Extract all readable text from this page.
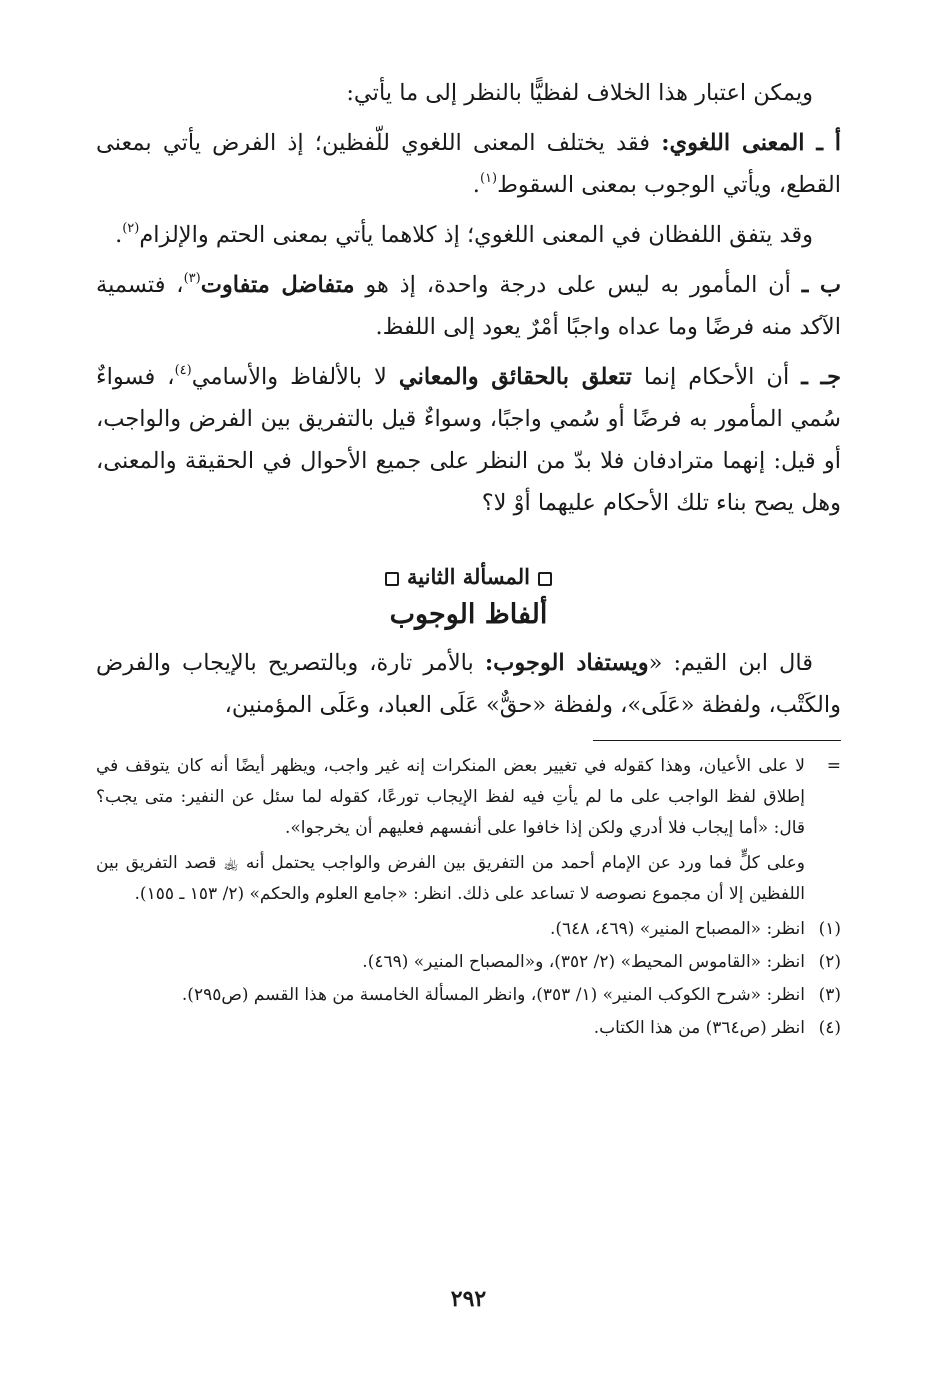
ويمكن اعتبار هذا الخلاف لفظيًّا بالنظر إلى ما يأتي:

أ ـ المعنى اللغوي: فقد يختلف المعنى اللغوي للّفظين؛ إذ الفرض يأتي بمعنى القطع، ويأتي الوجوب بمعنى السقوط$^{(١)}$.

وقد يتفق اللفظان في المعنى اللغوي؛ إذ كلاهما يأتي بمعنى الحتم والإلزام$^{(٢)}$.

ب ـ أن المأمور به ليس على درجة واحدة، إذ هو متفاضل متفاوت$^{(٣)}$، فتسمية الآكد منه فرضًا وما عداه واجبًا أمْرٌ يعود إلى اللفظ.

جـ ـ أن الأحكام إنما تتعلق بالحقائق والمعاني لا بالألفاظ والأسامي$^{(٤)}$، فسواءٌ سُمي المأمور به فرضًا أو سُمي واجبًا، وسواءٌ قيل بالتفريق بين الفرض والواجب، أو قيل: إنهما مترادفان فلا بدّ من النظر على جميع الأحوال في الحقيقة والمعنى، وهل يصح بناء تلك الأحكام عليهما أوْ لا؟

المسألة الثانية
ألفاظ الوجوب

قال ابن القيم: «ويستفاد الوجوب: بالأمر تارة، وبالتصريح بالإيجاب والفرض والكَتْب، ولفظة «عَلَى»، ولفظة «حقٌّ» عَلَى العباد، وعَلَى المؤمنين،

=
لا على الأعيان، وهذا كقوله في تغيير بعض المنكرات إنه غير واجب، ويظهر أيضًا أنه كان يتوقف في إطلاق لفظ الواجب على ما لم يأتِ فيه لفظ الإيجاب تورعًا، كقوله لما سئل عن النفير: متى يجب؟ قال: «أما إيجاب فلا أدري ولكن إذا خافوا على أنفسهم فعليهم أن يخرجوا».
وعلى كلٍّ فما ورد عن الإمام أحمد من التفريق بين الفرض والواجب يحتمل أنه ﵀ قصد التفريق بين اللفظين إلا أن مجموع نصوصه لا تساعد على ذلك. انظر: «جامع العلوم والحكم» (٢/ ١٥٣ ـ ١٥٥).
(١)
انظر: «المصباح المنير» (٤٦٩، ٦٤٨).
(٢)
انظر: «القاموس المحيط» (٢/ ٣٥٢)، و«المصباح المنير» (٤٦٩).
(٣)
انظر: «شرح الكوكب المنير» (١/ ٣٥٣)، وانظر المسألة الخامسة من هذا القسم (ص٢٩٥).
(٤)
انظر (ص٣٦٤) من هذا الكتاب.
٢٩٢
